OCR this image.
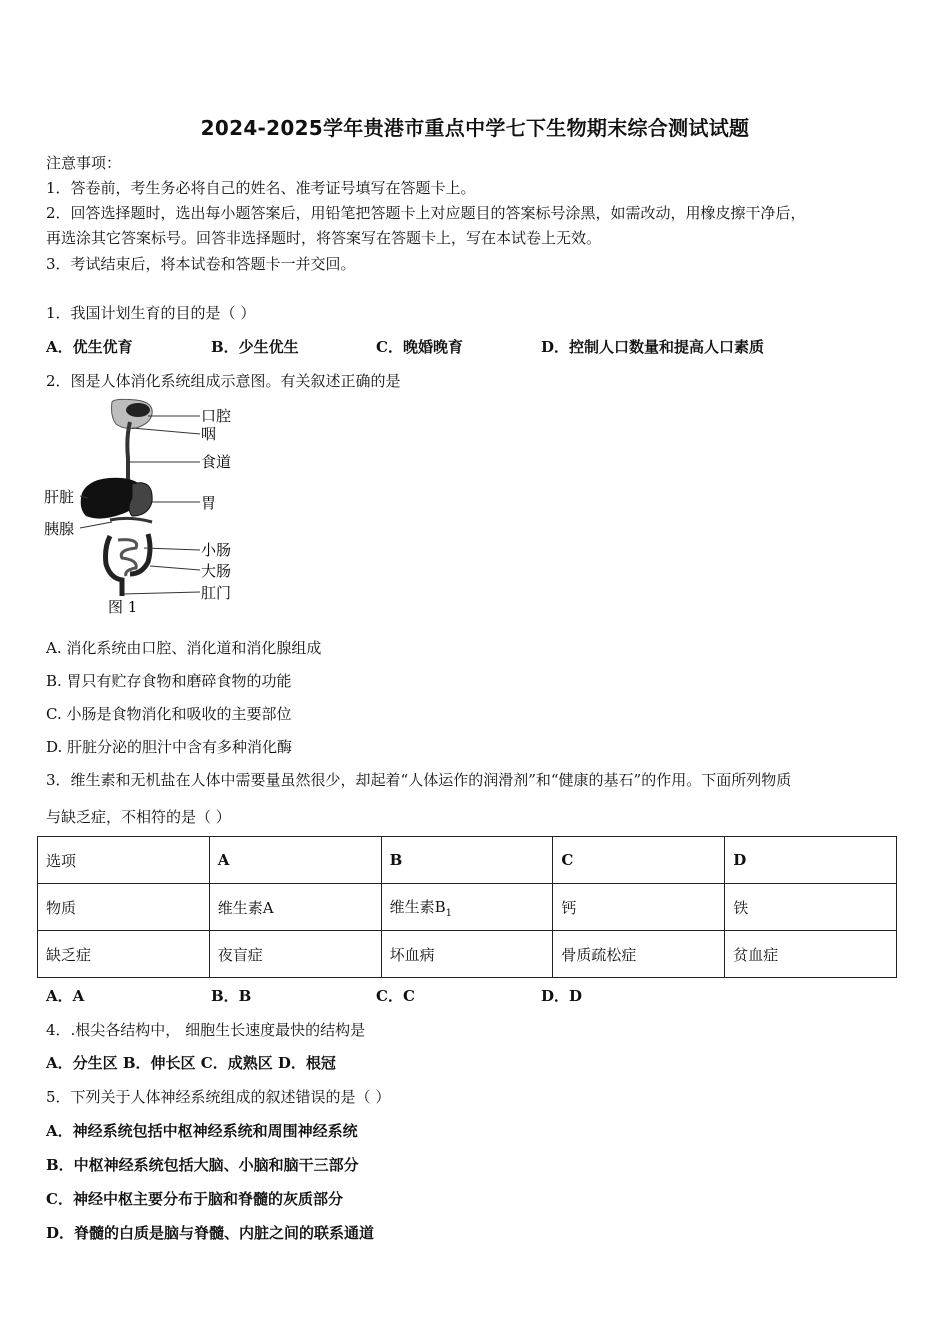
2024-2025学年贵港市重点中学七下生物期末综合测试试题
注意事项：
1．答卷前，考生务必将自己的姓名、准考证号填写在答题卡上。
2．回答选择题时，选出每小题答案后，用铅笔把答题卡上对应题目的答案标号涂黑，如需改动，用橡皮擦干净后，
再选涂其它答案标号。回答非选择题时，将答案写在答题卡上，写在本试卷上无效。
3．考试结束后，将本试卷和答题卡一并交回。
1．我国计划生育的目的是（ ）
A．优生优育	B．少生优生	C．晚婚晚育	D．控制人口数量和提高人口素质
2．图是人体消化系统组成示意图。有关叙述正确的是
口腔
咽
食道
胃
小肠
大肠
肛门
肝脏
胰腺
图 1
A. 消化系统由口腔、消化道和消化腺组成
B. 胃只有贮存食物和磨碎食物的功能
C. 小肠是食物消化和吸收的主要部位
D. 肝脏分泌的胆汁中含有多种消化酶
3．维生素和无机盐在人体中需要量虽然很少，却起着“人体运作的润滑剂”和“健康的基石”的作用。下面所列物质
与缺乏症，不相符的是（ ）
选项	A	B	C	D
物质	维生素A	维生素$B_1$	钙	铁
缺乏症	夜盲症	坏血病	骨质疏松症	贫血症
A．A	B．B	C．C	D．D
4．.根尖各结构中， 细胞生长速度最快的结构是
A．分生区 B．伸长区 C．成熟区 D．根冠
5．下列关于人体神经系统组成的叙述错误的是（ ）
A．神经系统包括中枢神经系统和周围神经系统
B．中枢神经系统包括大脑、小脑和脑干三部分
C．神经中枢主要分布于脑和脊髓的灰质部分
D．脊髓的白质是脑与脊髓、内脏之间的联系通道
